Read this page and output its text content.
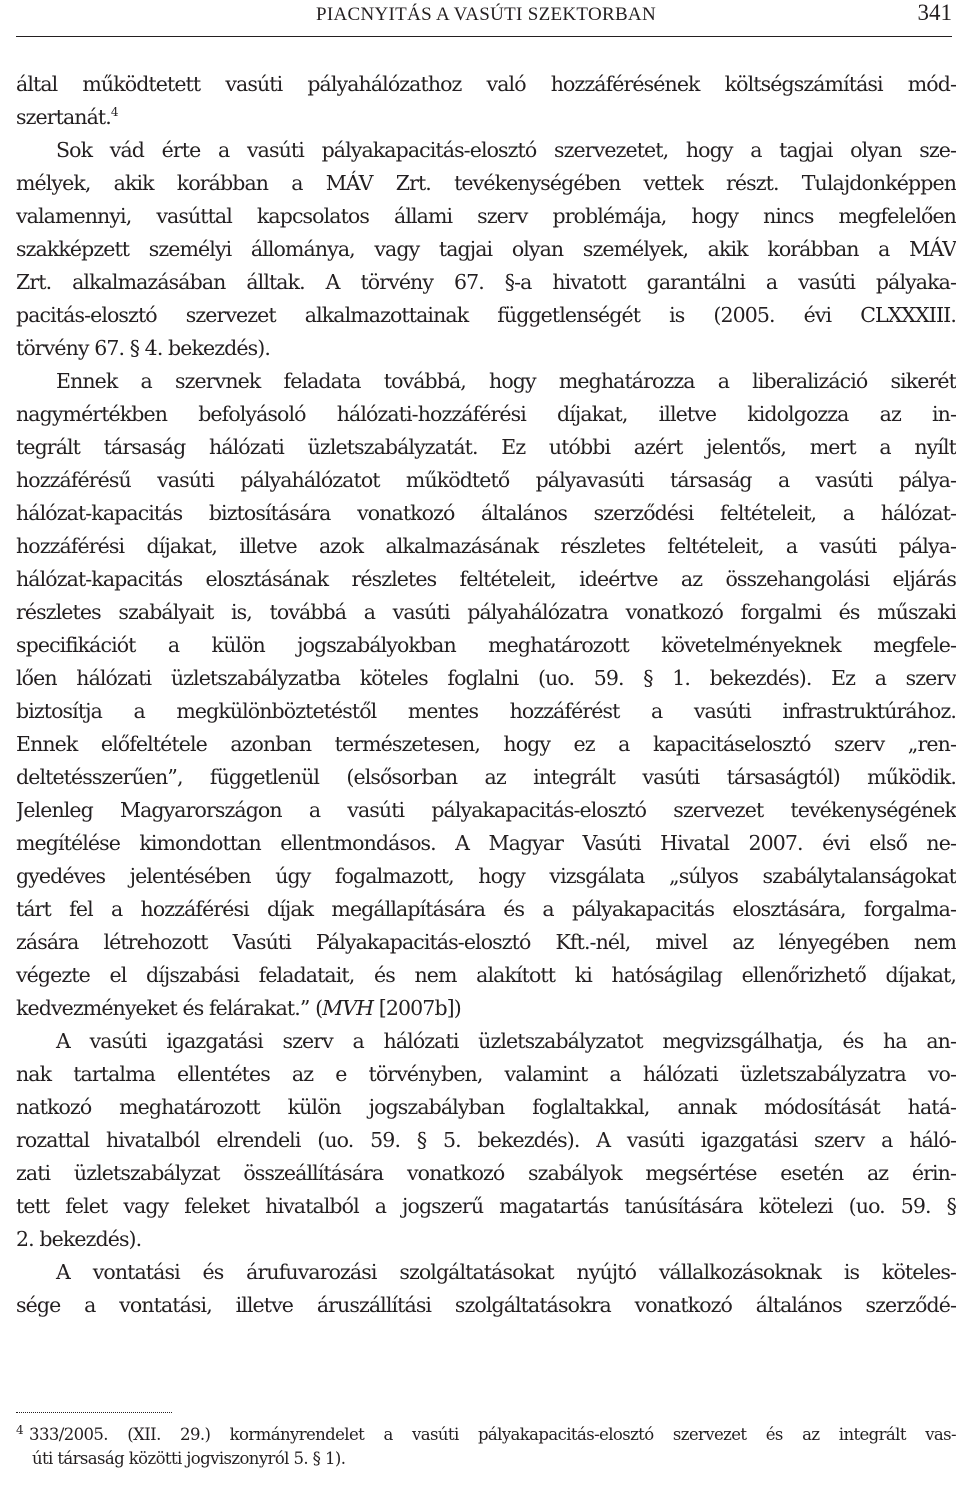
PIACNYITÁS A VASÚTI SZEKTORBAN	341
által működtetett vasúti pályahálózathoz való hozzáférésének költségszámítási mód-
szertanát.$^4$
Sok vád érte a vasúti pályakapacitás-elosztó szervezetet, hogy a tagjai olyan sze-
mélyek, akik korábban a MÁV Zrt. tevékenységében vettek részt. Tulajdonképpen
valamennyi, vasúttal kapcsolatos állami szerv problémája, hogy nincs megfelelően
szakképzett személyi állománya, vagy tagjai olyan személyek, akik korábban a MÁV
Zrt. alkalmazásában álltak. A törvény 67. §-a hivatott garantálni a vasúti pályaka-
pacitás-elosztó szervezet alkalmazottainak függetlenségét is (2005. évi CLXXXIII.
törvény 67. § 4. bekezdés).
Ennek a szervnek feladata továbbá, hogy meghatározza a liberalizáció sikerét
nagymértékben befolyásoló hálózati-hozzáférési díjakat, illetve kidolgozza az in-
tegrált társaság hálózati üzletszabályzatát. Ez utóbbi azért jelentős, mert a nyílt
hozzáférésű vasúti pályahálózatot működtető pályavasúti társaság a vasúti pálya-
hálózat-kapacitás biztosítására vonatkozó általános szerződési feltételeit, a hálózat-
hozzáférési díjakat, illetve azok alkalmazásának részletes feltételeit, a vasúti pálya-
hálózat-kapacitás elosztásának részletes feltételeit, ideértve az összehangolási eljárás
részletes szabályait is, továbbá a vasúti pályahálózatra vonatkozó forgalmi és műszaki
specifikációt a külön jogszabályokban meghatározott követelményeknek megfele-
lően hálózati üzletszabályzatba köteles foglalni (uo. 59. § 1. bekezdés). Ez a szerv
biztosítja a megkülönböztetéstől mentes hozzáférést a vasúti infrastruktúrához.
Ennek előfeltétele azonban természetesen, hogy ez a kapacitáselosztó szerv „ren-
deltetésszerűen”, függetlenül (elsősorban az integrált vasúti társaságtól) működik.
Jelenleg Magyarországon a vasúti pályakapacitás-elosztó szervezet tevékenységének
megítélése kimondottan ellentmondásos. A Magyar Vasúti Hivatal 2007. évi első ne-
gyedéves jelentésében úgy fogalmazott, hogy vizsgálata „súlyos szabálytalanságokat
tárt fel a hozzáférési díjak megállapítására és a pályakapacitás elosztására, forgalma-
zására létrehozott Vasúti Pályakapacitás-elosztó Kft.-nél, mivel az lényegében nem
végezte el díjszabási feladatait, és nem alakított ki hatóságilag ellenőrizhető díjakat,
kedvezményeket és felárakat.” (MVH [2007b])
A vasúti igazgatási szerv a hálózati üzletszabályzatot megvizsgálhatja, és ha an-
nak tartalma ellentétes az e törvényben, valamint a hálózati üzletszabályzatra vo-
natkozó meghatározott külön jogszabályban foglaltakkal, annak módosítását hatá-
rozattal hivatalból elrendeli (uo. 59. § 5. bekezdés). A vasúti igazgatási szerv a háló-
zati üzletszabályzat összeállítására vonatkozó szabályok megsértése esetén az érin-
tett felet vagy feleket hivatalból a jogszerű magatartás tanúsítására kötelezi (uo. 59. §
2. bekezdés).
A vontatási és árufuvarozási szolgáltatásokat nyújtó vállalkozásoknak is köteles-
sége a vontatási, illetve áruszállítási szolgáltatásokra vonatkozó általános szerződé-
$^4$ 333/2005. (XII. 29.) kormányrendelet a vasúti pályakapacitás-elosztó szervezet és az integrált vas-
úti társaság közötti jogviszonyról 5. § 1).
